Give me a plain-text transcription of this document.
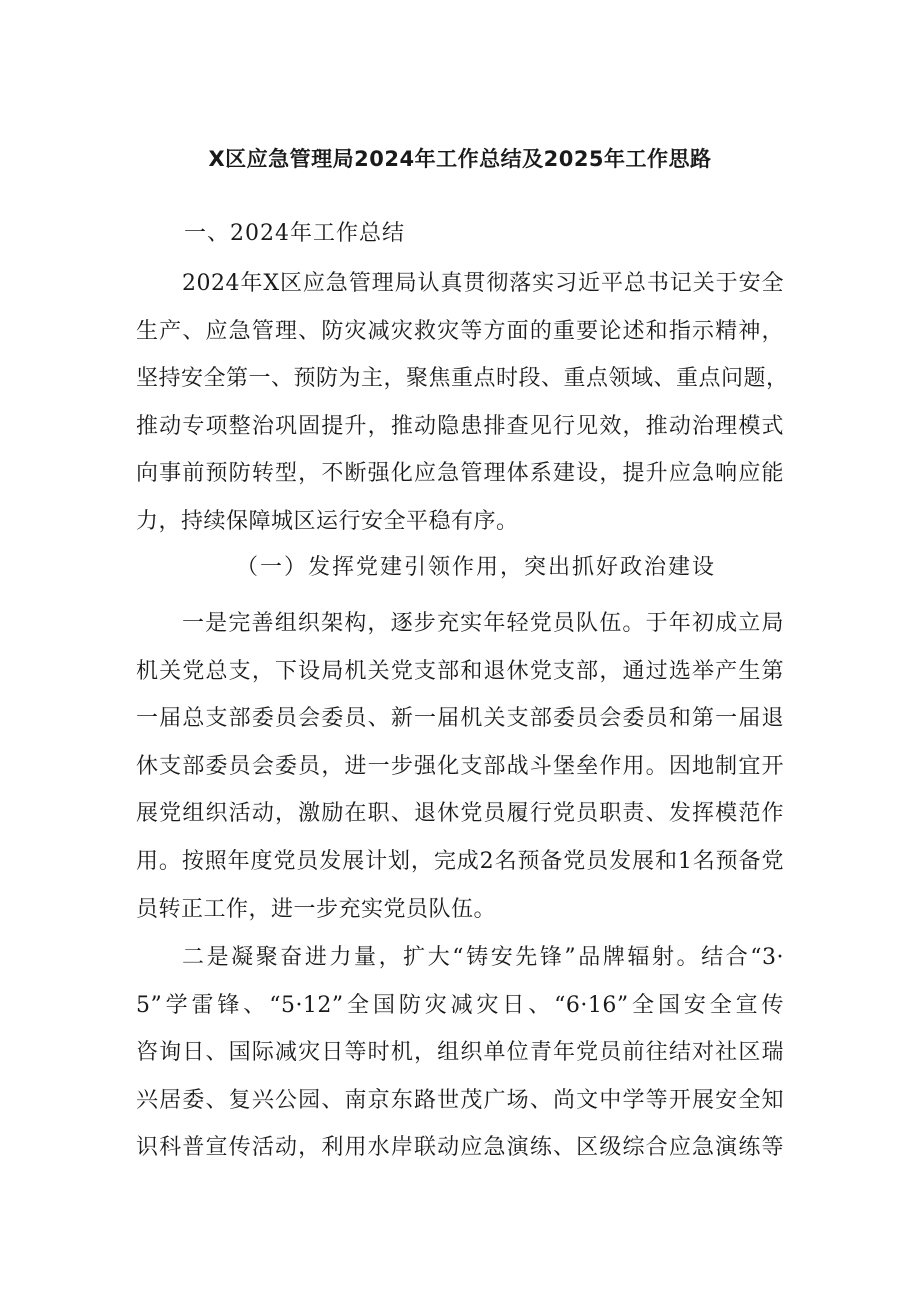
X区应急管理局2024年工作总结及2025年工作思路
一、2024年工作总结
2024年X区应急管理局认真贯彻落实习近平总书记关于安全
生产、应急管理、防灾减灾救灾等方面的重要论述和指示精神，
坚持安全第一、预防为主，聚焦重点时段、重点领域、重点问题，
推动专项整治巩固提升，推动隐患排查见行见效，推动治理模式
向事前预防转型，不断强化应急管理体系建设，提升应急响应能
力，持续保障城区运行安全平稳有序。
（一）发挥党建引领作用，突出抓好政治建设
一是完善组织架构，逐步充实年轻党员队伍。于年初成立局
机关党总支，下设局机关党支部和退休党支部，通过选举产生第
一届总支部委员会委员、新一届机关支部委员会委员和第一届退
休支部委员会委员，进一步强化支部战斗堡垒作用。因地制宜开
展党组织活动，激励在职、退休党员履行党员职责、发挥模范作
用。按照年度党员发展计划，完成2名预备党员发展和1名预备党
员转正工作，进一步充实党员队伍。
二是凝聚奋进力量，扩大“铸安先锋”品牌辐射。结合“3·
5”学雷锋、“5·12”全国防灾减灾日、“6·16”全国安全宣传
咨询日、国际减灾日等时机，组织单位青年党员前往结对社区瑞
兴居委、复兴公园、南京东路世茂广场、尚文中学等开展安全知
识科普宣传活动，利用水岸联动应急演练、区级综合应急演练等
